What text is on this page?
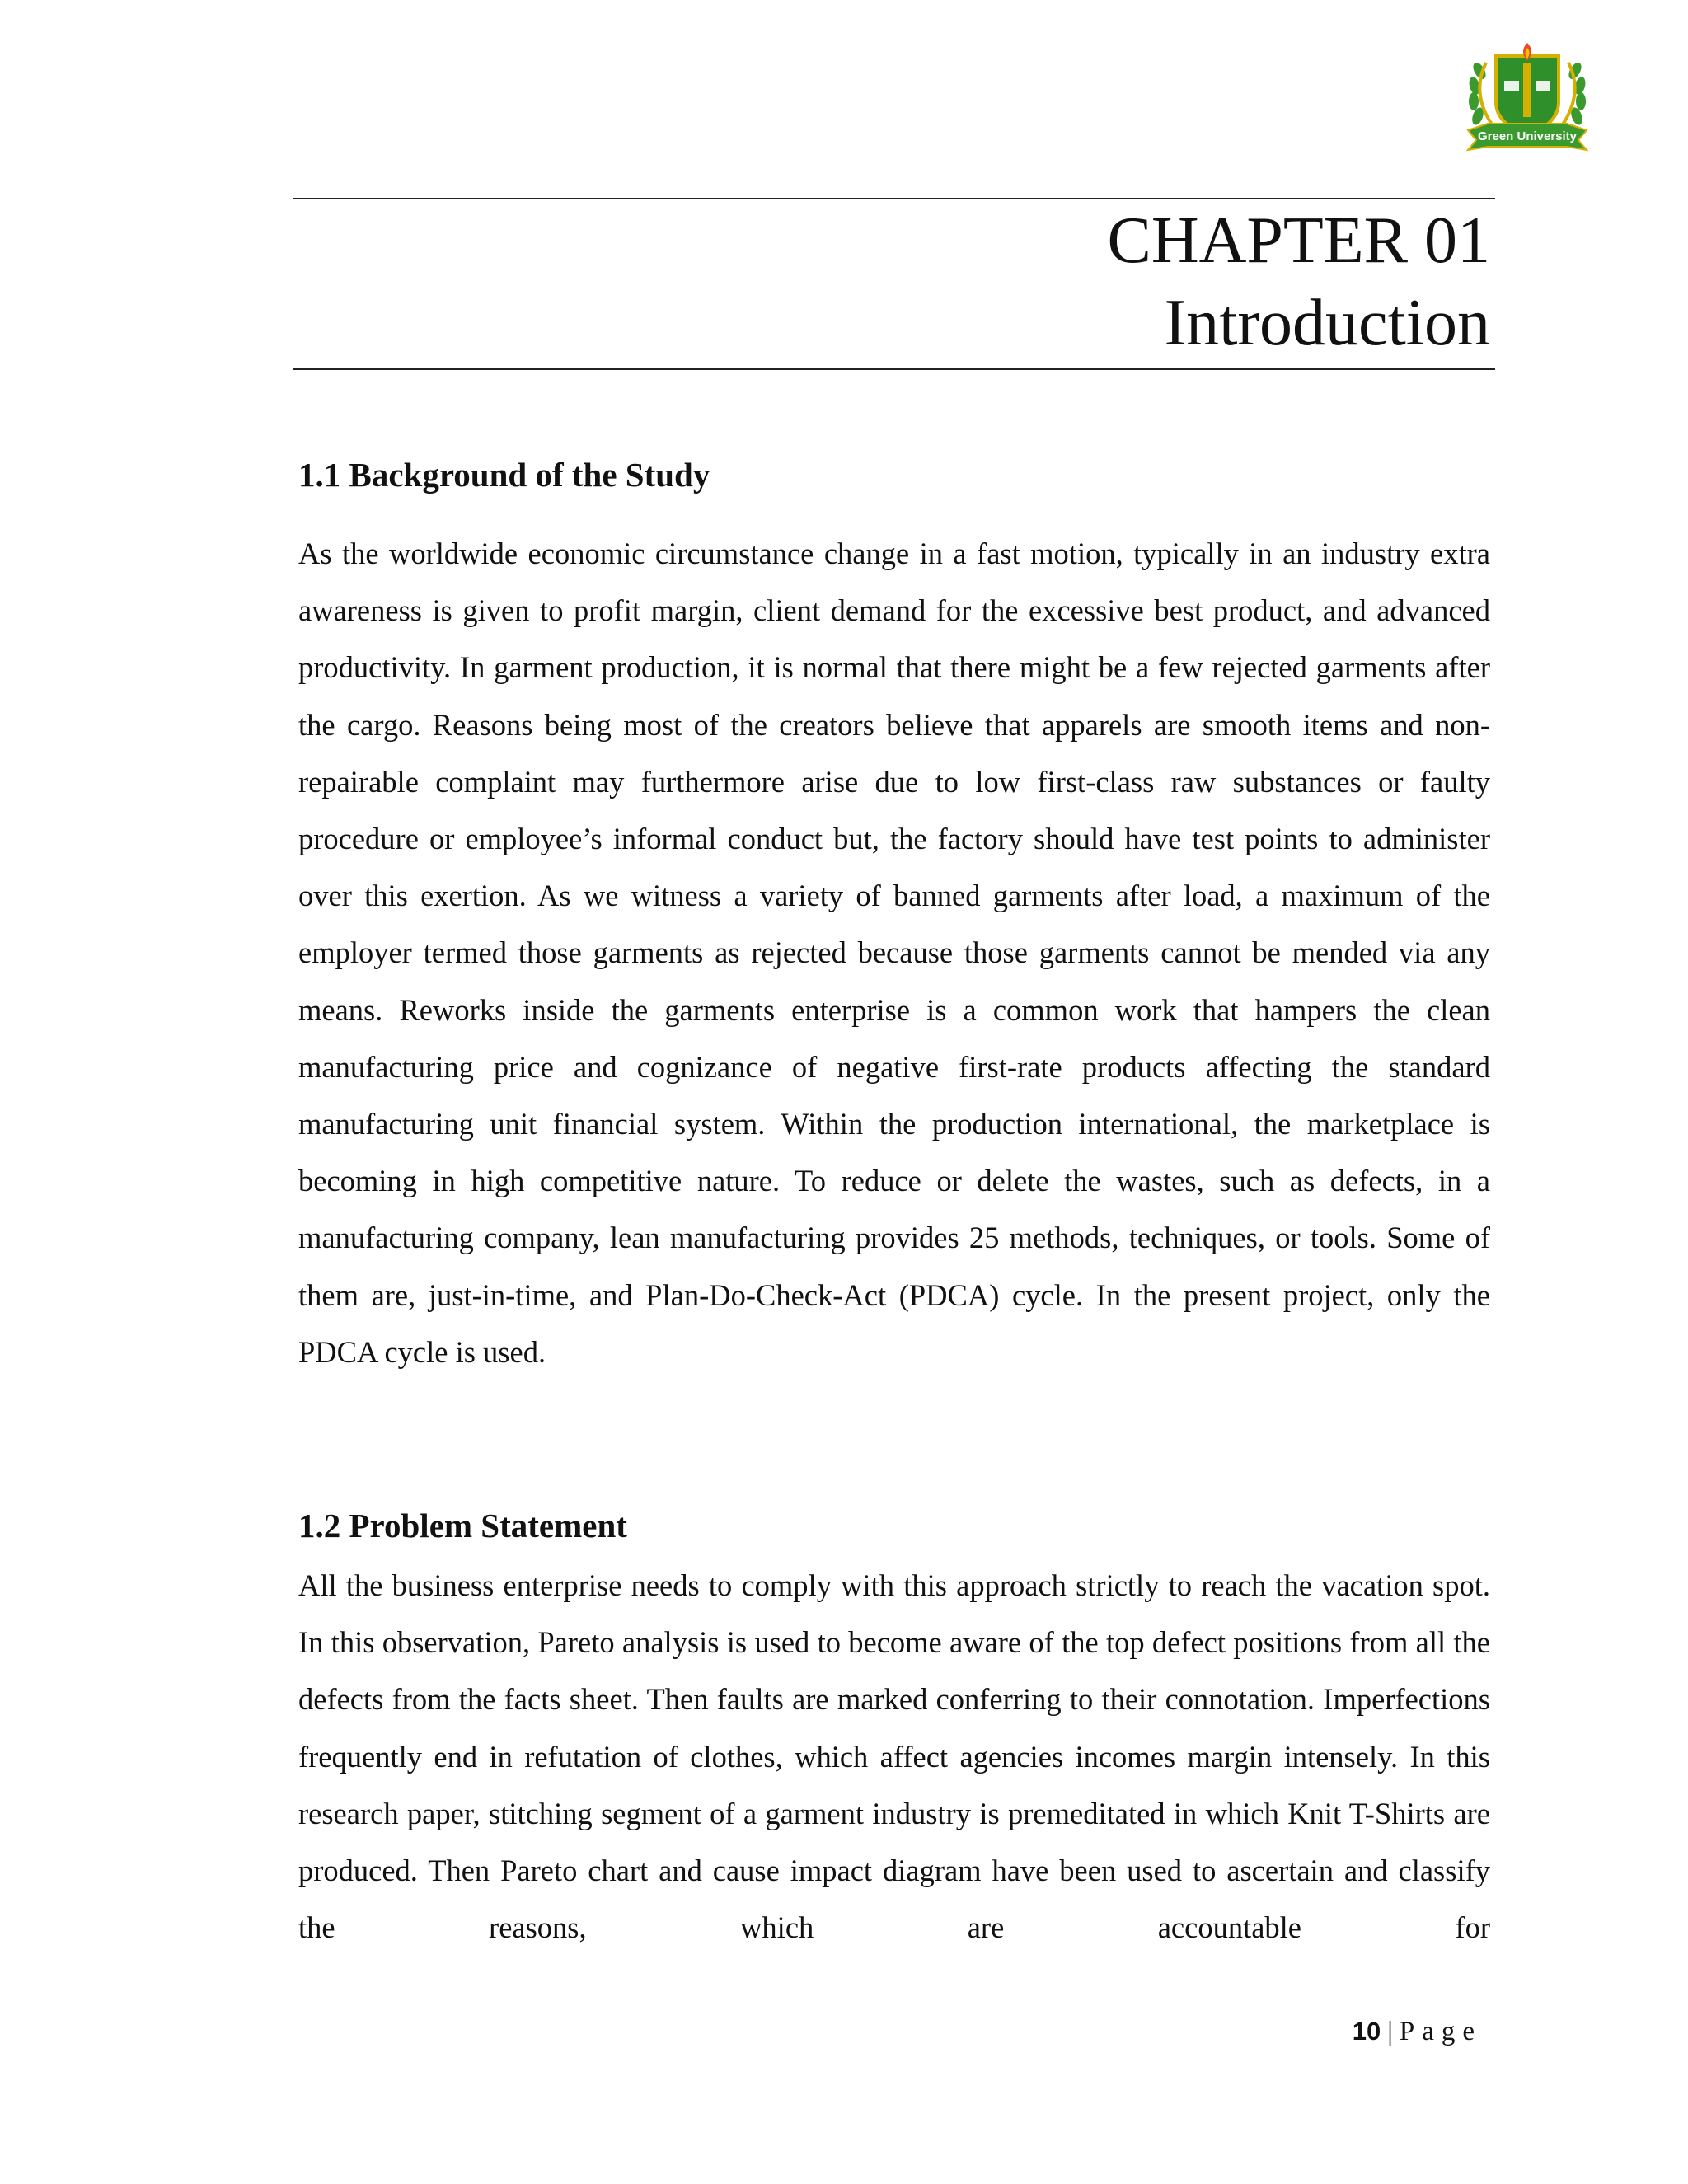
Green University
CHAPTER 01
Introduction
1.1 Background of the Study

As the worldwide economic circumstance change in a fast motion, typically in an industry extra awareness is given to profit margin, client demand for the excessive best product, and advanced productivity. In garment production, it is normal that there might be a few rejected garments after the cargo. Reasons being most of the creators believe that apparels are smooth items and non-repairable complaint may furthermore arise due to low first-class raw substances or faulty procedure or employee’s informal conduct but, the factory should have test points to administer over this exertion. As we witness a variety of banned garments after load, a maximum of the employer termed those garments as rejected because those garments cannot be mended via any means. Reworks inside the garments enterprise is a common work that hampers the clean manufacturing price and cognizance of negative first-rate products affecting the standard manufacturing unit financial system. Within the production international, the marketplace is becoming in high competitive nature. To reduce or delete the wastes, such as defects, in a manufacturing company, lean manufacturing provides 25 methods, techniques, or tools. Some of them are, just-in-time, and Plan-Do-Check-Act (PDCA) cycle. In the present project, only the PDCA cycle is used.

1.2 Problem Statement

All the business enterprise needs to comply with this approach strictly to reach the vacation spot. In this observation, Pareto analysis is used to become aware of the top defect positions from all the defects from the facts sheet. Then faults are marked conferring to their connotation. Imperfections frequently end in refutation of clothes, which affect agencies incomes margin intensely. In this research paper, stitching segment of a garment industry is premeditated in which Knit T-Shirts are produced. Then Pareto chart and cause impact diagram have been used to ascertain and classify the reasons, which are accountable for

10 | Page
